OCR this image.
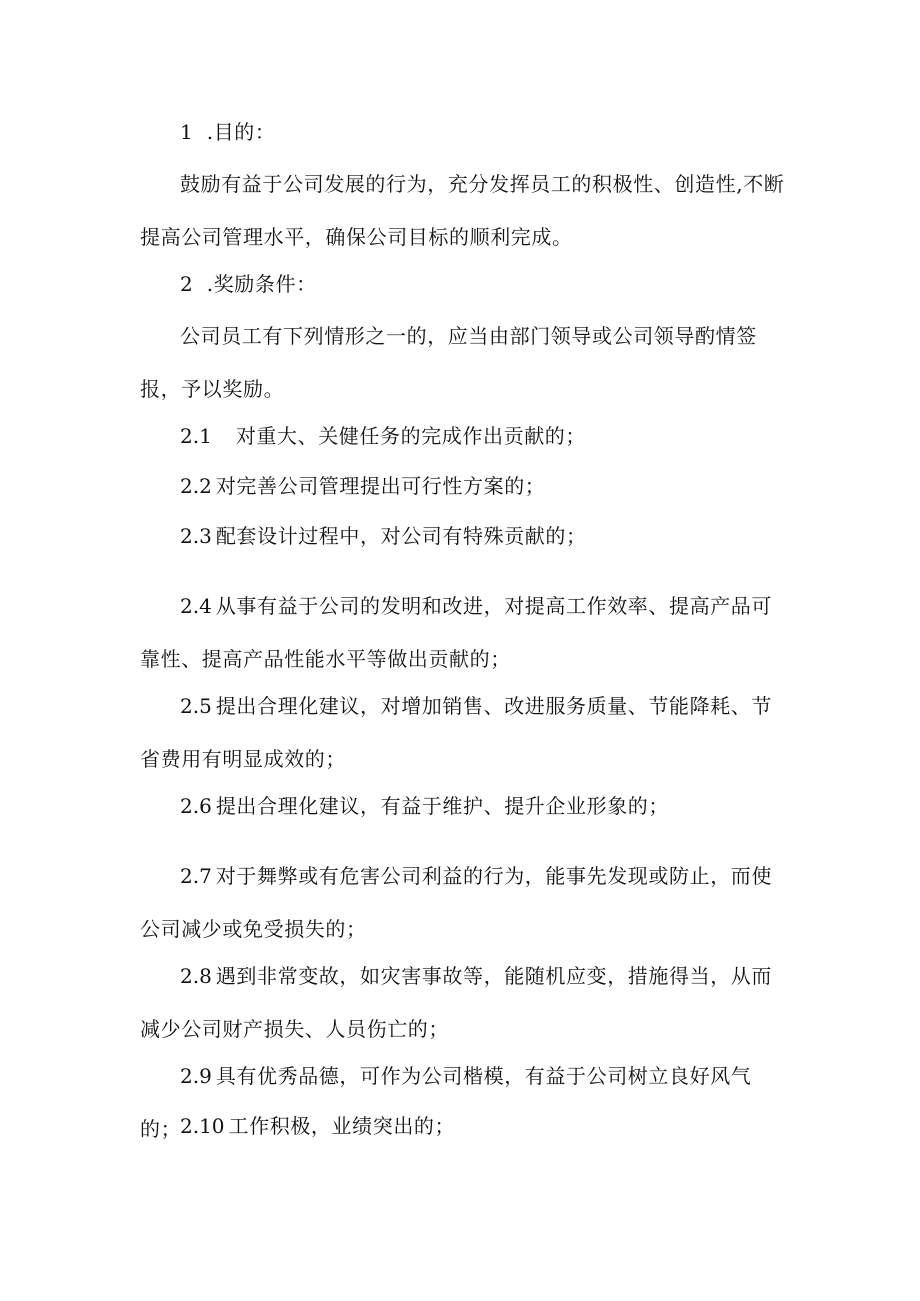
1 .目的：

鼓励有益于公司发展的行为，充分发挥员工的积极性、创造性,不断提高公司管理水平，确保公司目标的顺利完成。

2 .奖励条件：

公司员工有下列情形之一的，应当由部门领导或公司领导酌情签报，予以奖励。

2.1 对重大、关健任务的完成作出贡献的；

2.2 对完善公司管理提出可行性方案的；

2.3 配套设计过程中，对公司有特殊贡献的；

2.4 从事有益于公司的发明和改进，对提高工作效率、提高产品可靠性、提高产品性能水平等做出贡献的；

2.5 提出合理化建议，对增加销售、改进服务质量、节能降耗、节省费用有明显成效的；

2.6 提出合理化建议，有益于维护、提升企业形象的；

2.7 对于舞弊或有危害公司利益的行为，能事先发现或防止，而使公司减少或免受损失的；

2.8 遇到非常变故，如灾害事故等，能随机应变，措施得当，从而减少公司财产损失、人员伤亡的；

2.9 具有优秀品德，可作为公司楷模，有益于公司树立良好风气的；

2.10 工作积极，业绩突出的；
